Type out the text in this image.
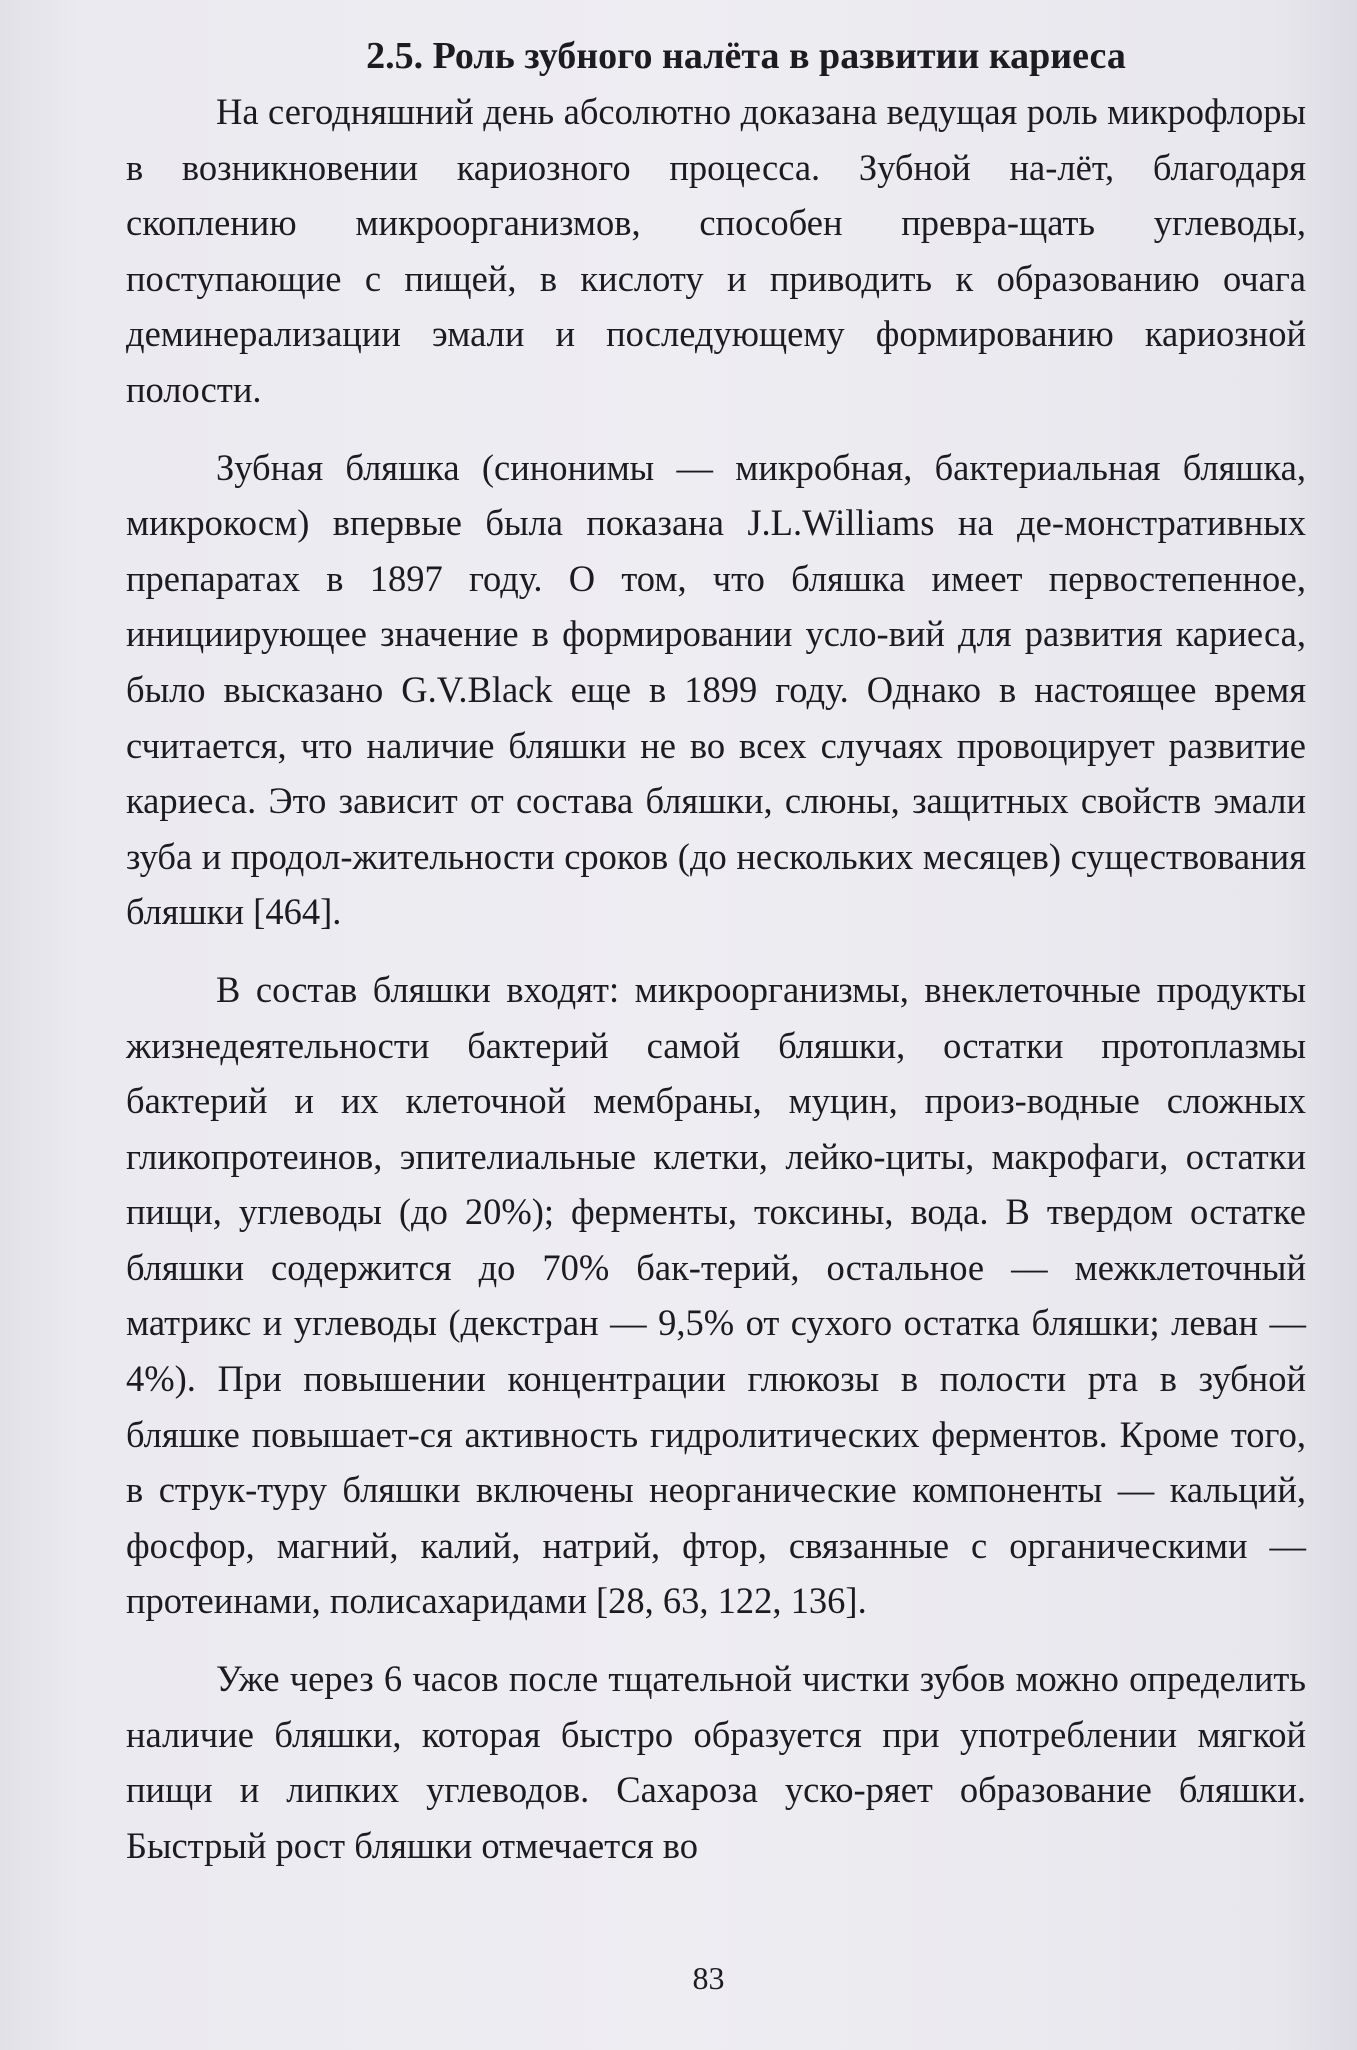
2.5. Роль зубного налёта в развитии кариеса

На сегодняшний день абсолютно доказана ведущая роль микрофлоры в возникновении кариозного процесса. Зубной на-лёт, благодаря скоплению микроорганизмов, способен превра-щать углеводы, поступающие с пищей, в кислоту и приводить к образованию очага деминерализации эмали и последующему формированию кариозной полости.

Зубная бляшка (синонимы — микробная, бактериальная бляшка, микрокосм) впервые была показана J.L.Williams на де-монстративных препаратах в 1897 году. О том, что бляшка имеет первостепенное, инициирующее значение в формировании усло-вий для развития кариеса, было высказано G.V.Black еще в 1899 году. Однако в настоящее время считается, что наличие бляшки не во всех случаях провоцирует развитие кариеса. Это зависит от состава бляшки, слюны, защитных свойств эмали зуба и продол-жительности сроков (до нескольких месяцев) существования бляшки [464].

В состав бляшки входят: микроорганизмы, внеклеточные продукты жизнедеятельности бактерий самой бляшки, остатки протоплазмы бактерий и их клеточной мембраны, муцин, произ-водные сложных гликопротеинов, эпителиальные клетки, лейко-циты, макрофаги, остатки пищи, углеводы (до 20%); ферменты, токсины, вода. В твердом остатке бляшки содержится до 70% бак-терий, остальное — межклеточный матрикс и углеводы (декстран — 9,5% от сухого остатка бляшки; леван — 4%). При повышении концентрации глюкозы в полости рта в зубной бляшке повышает-ся активность гидролитических ферментов. Кроме того, в струк-туру бляшки включены неорганические компоненты — кальций, фосфор, магний, калий, натрий, фтор, связанные с органическими — протеинами, полисахаридами [28, 63, 122, 136].

Уже через 6 часов после тщательной чистки зубов можно определить наличие бляшки, которая быстро образуется при употреблении мягкой пищи и липких углеводов. Сахароза уско-ряет образование бляшки. Быстрый рост бляшки отмечается во

83
